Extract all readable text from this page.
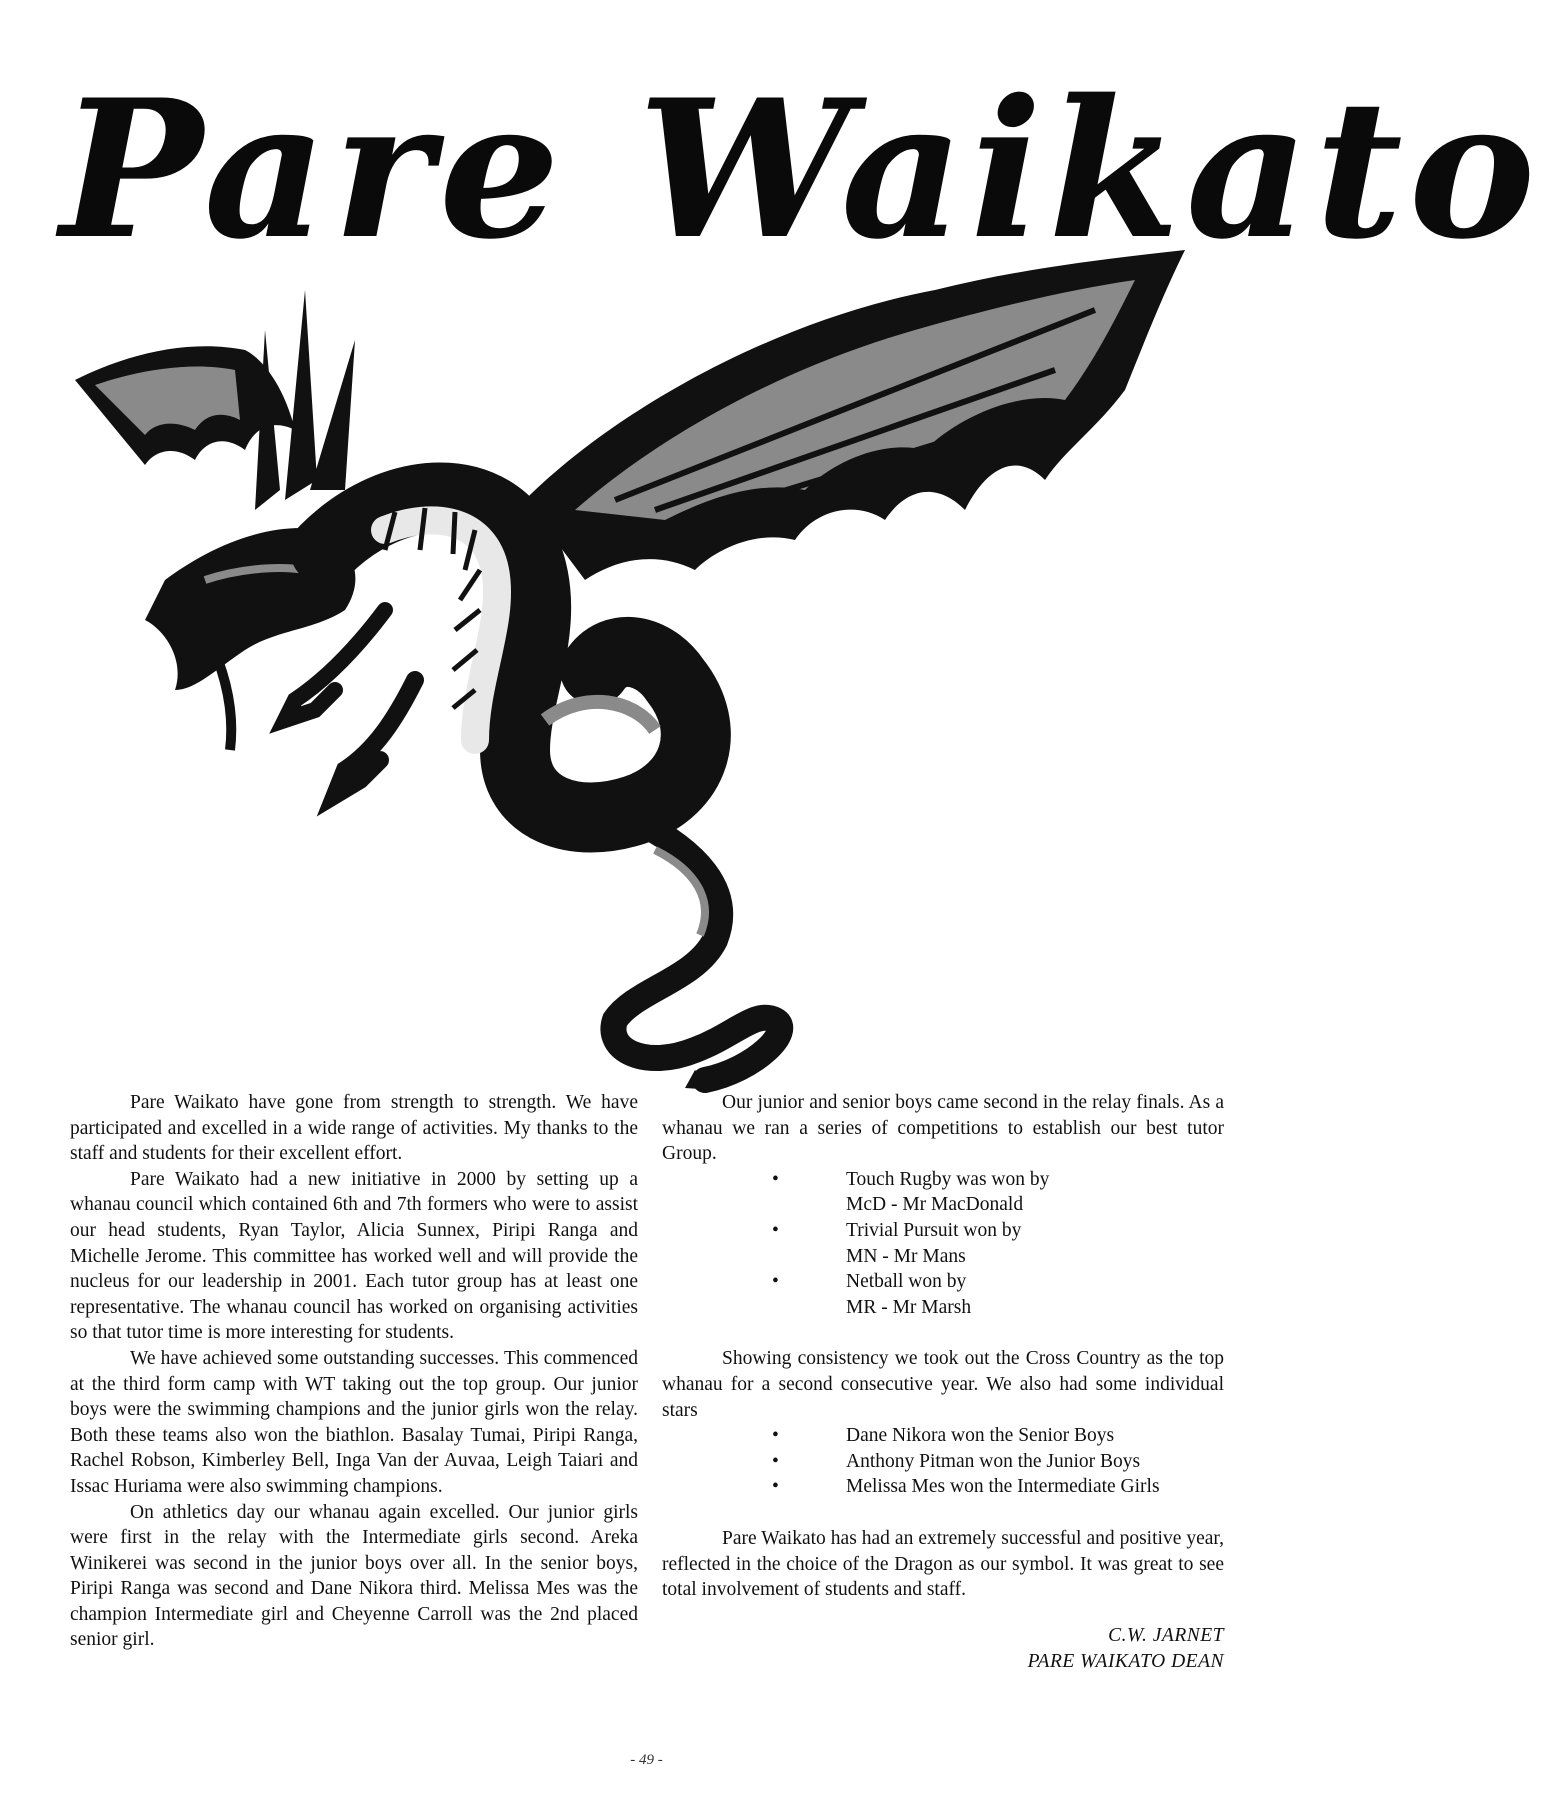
Pare Waikato

Pare Waikato have gone from strength to strength. We have participated and excelled in a wide range of activities. My thanks to the staff and students for their excellent effort.

Pare Waikato had a new initiative in 2000 by setting up a whanau council which contained 6th and 7th formers who were to assist our head students, Ryan Taylor, Alicia Sunnex, Piripi Ranga and Michelle Jerome. This committee has worked well and will provide the nucleus for our leadership in 2001. Each tutor group has at least one representative. The whanau council has worked on organising activities so that tutor time is more interesting for students.

We have achieved some outstanding successes. This commenced at the third form camp with WT taking out the top group. Our junior boys were the swimming champions and the junior girls won the relay. Both these teams also won the biathlon. Basalay Tumai, Piripi Ranga, Rachel Robson, Kimberley Bell, Inga Van der Auvaa, Leigh Taiari and Issac Huriama were also swimming champions.

On athletics day our whanau again excelled. Our junior girls were first in the relay with the Intermediate girls second. Areka Winikerei was second in the junior boys over all. In the senior boys, Piripi Ranga was second and Dane Nikora third. Melissa Mes was the champion Intermediate girl and Cheyenne Carroll was the 2nd placed senior girl.

Our junior and senior boys came second in the relay finals. As a whanau we ran a series of competitions to establish our best tutor Group.

•	Touch Rugby was won by
McD - Mr MacDonald
•	Trivial Pursuit won by
MN - Mr Mans
•	Netball won by
MR - Mr Marsh

Showing consistency we took out the Cross Country as the top whanau for a second consecutive year. We also had some individual stars

•	Dane Nikora won the Senior Boys
•	Anthony Pitman won the Junior Boys
•	Melissa Mes won the Intermediate Girls

Pare Waikato has had an extremely successful and positive year, reflected in the choice of the Dragon as our symbol. It was great to see total involvement of students and staff.

C.W. JARNET
PARE WAIKATO DEAN
- 49 -
